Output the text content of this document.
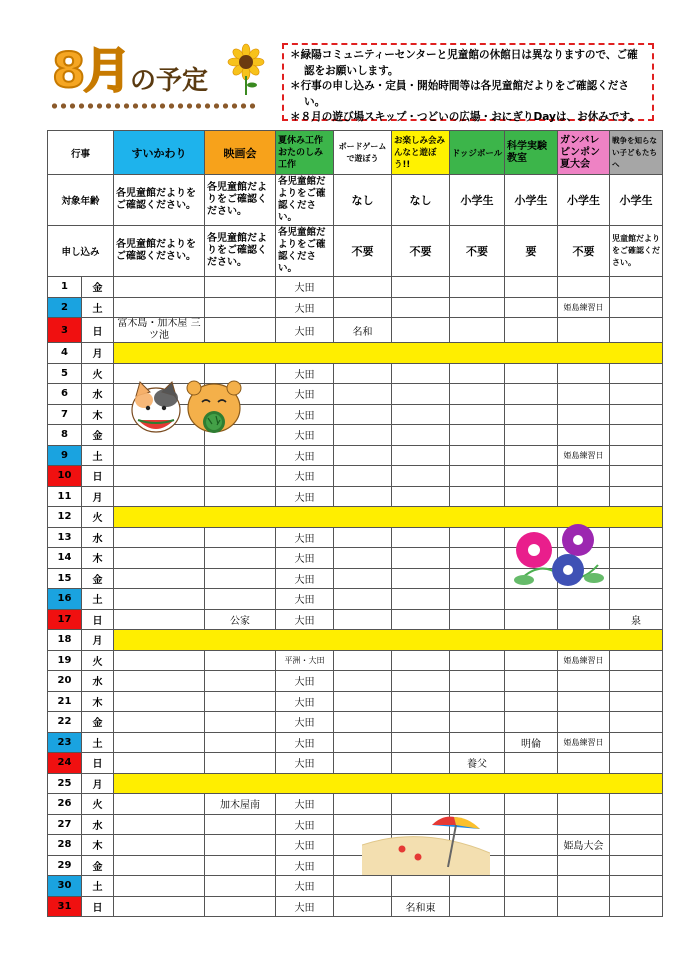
8月 の予定

＊緑陽コミュニティーセンターと児童館の休館日は異なりますので、ご確認をお願いします。

＊行事の申し込み・定員・開始時間等は各児童館だよりをご確認ください。

＊８月の遊び場スキップ・つどいの広場・おにぎりDayは、お休みです。

行事		すいかわり	映画会	夏休み工作おたのしみ工作	ボードゲームで遊ぼう	お楽しみ会みんなと遊ぼう!!	ドッジボール	科学実験教室	ガンバレピンポン夏大会	戦争を知らない子どもたちへ
対象年齢		各児童館だよりをご確認ください。	各児童館だよりをご確認ください。	各児童館だよりをご確認ください。	なし	なし	小学生	小学生	小学生	小学生
申し込み		各児童館だよりをご確認ください。	各児童館だよりをご確認ください。	各児童館だよりをご確認ください。	不要	不要	不要	要	不要	児童館だよりをご確認ください。
1	金			大田						
2	土			大田					姫島練習日	
3	日	富木島・加木屋 三ツ池		大田	名和					
4	月									
5	火			大田						
6	水			大田						
7	木			大田						
8	金			大田						
9	土			大田					姫島練習日	
10	日			大田						
11	月			大田						
12	火									
13	水			大田						
14	木			大田						
15	金			大田						
16	土			大田						
17	日		公家	大田						泉
18	月									
19	火			平洲・大田					姫島練習日	
20	水			大田						
21	木			大田						
22	金			大田						
23	土			大田				明倫	姫島練習日	
24	日			大田			養父			
25	月									
26	火		加木屋南	大田						
27	水			大田						
28	木			大田					姫島大会	
29	金			大田						
30	土			大田						
31	日			大田		名和東				
